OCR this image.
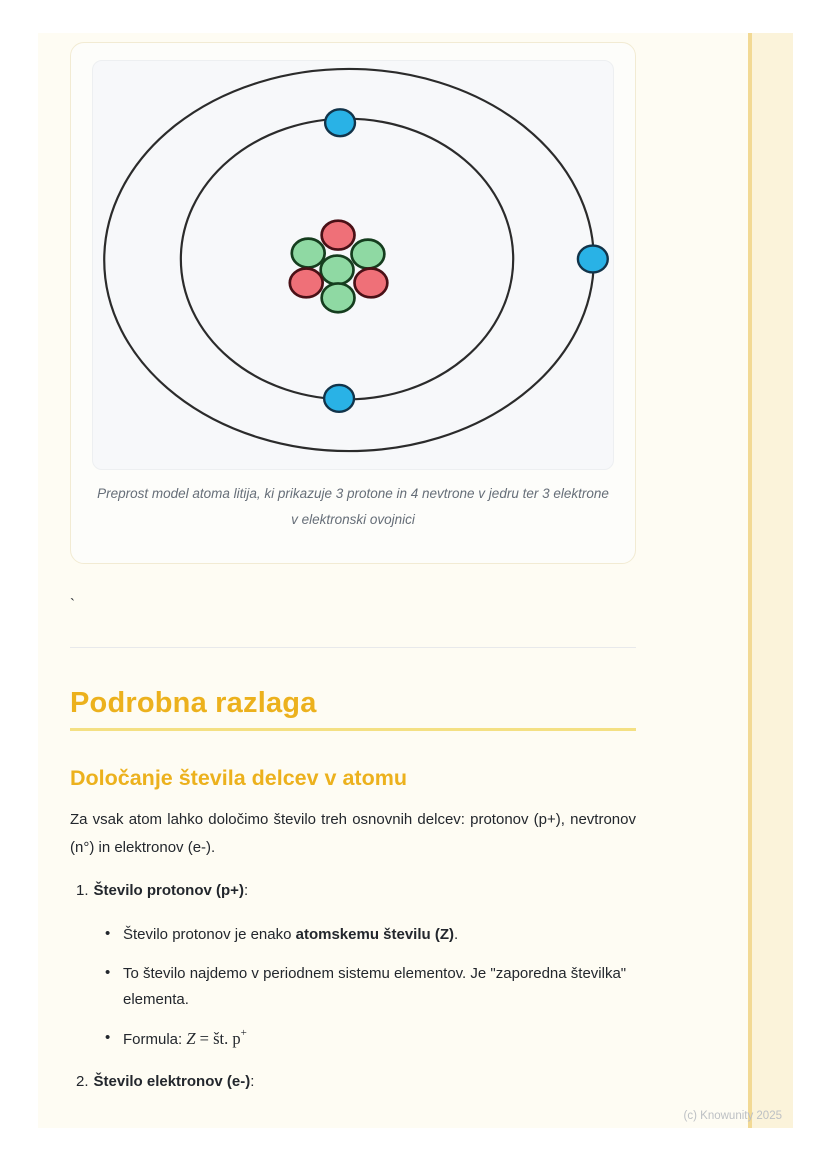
Preprost model atoma litija, ki prikazuje 3 protone in 4 nevtrone v jedru ter 3 elektrone v elektronski ovojnici

`

Podrobna razlaga
Določanje števila delcev v atomu

Za vsak atom lahko določimo število treh osnovnih delcev: protonov (p+), nevtronov (n°) in elektronov (e-).

1. Število protonov (p+):
• Število protonov je enako atomskemu številu (Z).
• To število najdemo v periodnem sistemu elementov. Je "zaporedna številka" elementa.
• Formula: Z = št. p+
2. Število elektronov (e-):
(c) Knowunity 2025
